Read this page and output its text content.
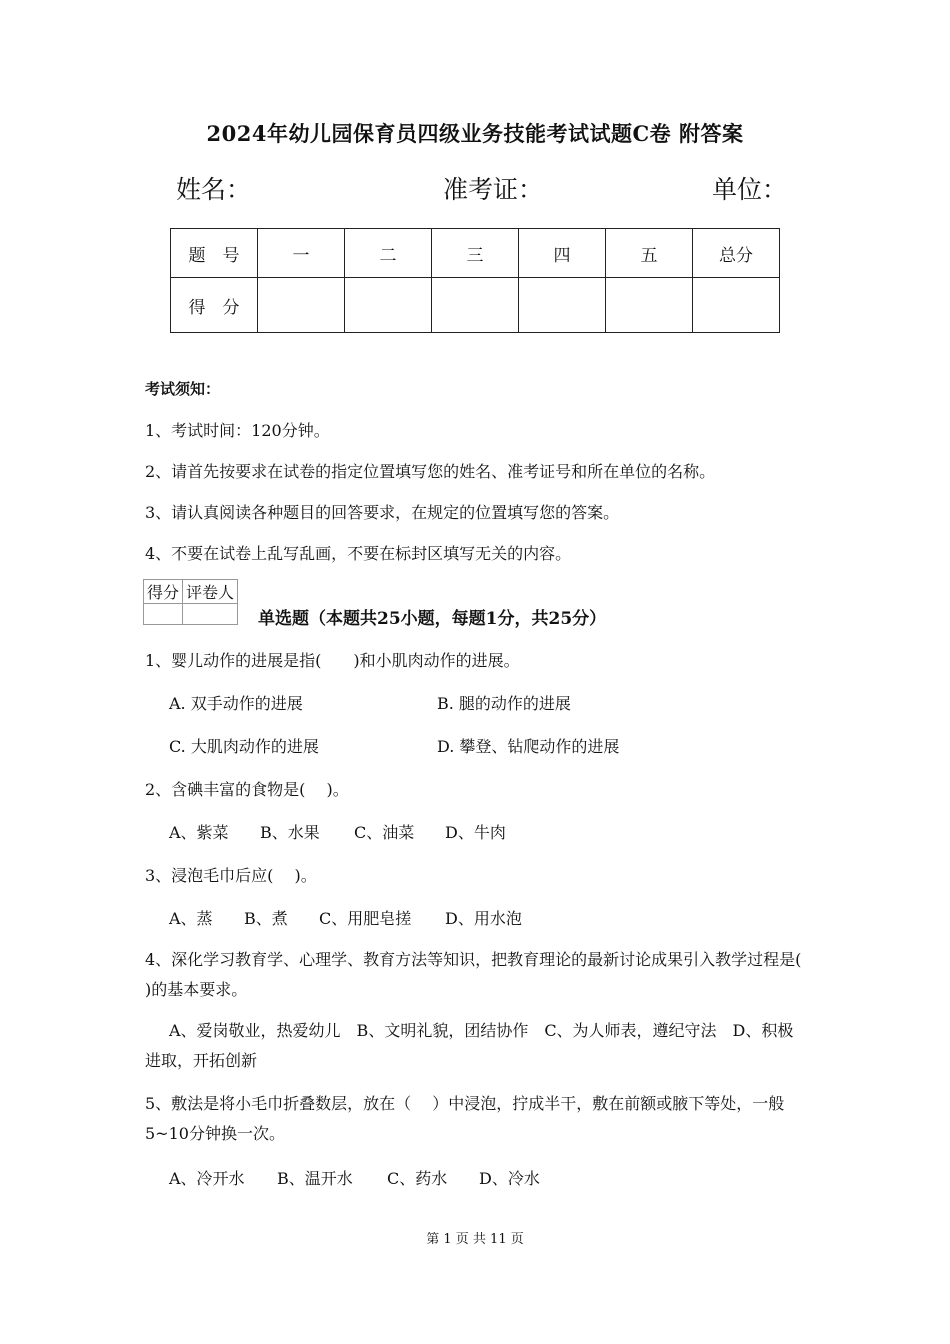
2024年幼儿园保育员四级业务技能考试试题C卷 附答案
姓名：	准考证：	单位：
题　号	一	二	三	四	五	总分
得　分						
考试须知：
1、考试时间：120分钟。
2、请首先按要求在试卷的指定位置填写您的姓名、准考证号和所在单位的名称。
3、请认真阅读各种题目的回答要求，在规定的位置填写您的答案。
4、不要在试卷上乱写乱画，不要在标封区填写无关的内容。
得分	评卷人

单选题（本题共25小题，每题1分，共25分）
1、婴儿动作的进展是指(　　)和小肌肉动作的进展。
A. 双手动作的进展	B. 腿的动作的进展
C. 大肌肉动作的进展	D. 攀登、钻爬动作的进展
2、含碘丰富的食物是(　 )。
A、紫菜 B、水果 C、油菜 D、牛肉
3、浸泡毛巾后应(　 )。
A、蒸 B、煮 C、用肥皂搓 D、用水泡
4、深化学习教育学、心理学、教育方法等知识，把教育理论的最新讨论成果引入教学过程是(　 )的基本要求。
A、爱岗敬业，热爱幼儿　B、文明礼貌，团结协作　C、为人师表，遵纪守法　D、积极进取，开拓创新
5、敷法是将小毛巾折叠数层，放在（　 ）中浸泡，拧成半干，敷在前额或腋下等处，一般5~10分钟换一次。
A、冷开水 B、温开水 C、药水 D、冷水
第 1 页 共 11 页
